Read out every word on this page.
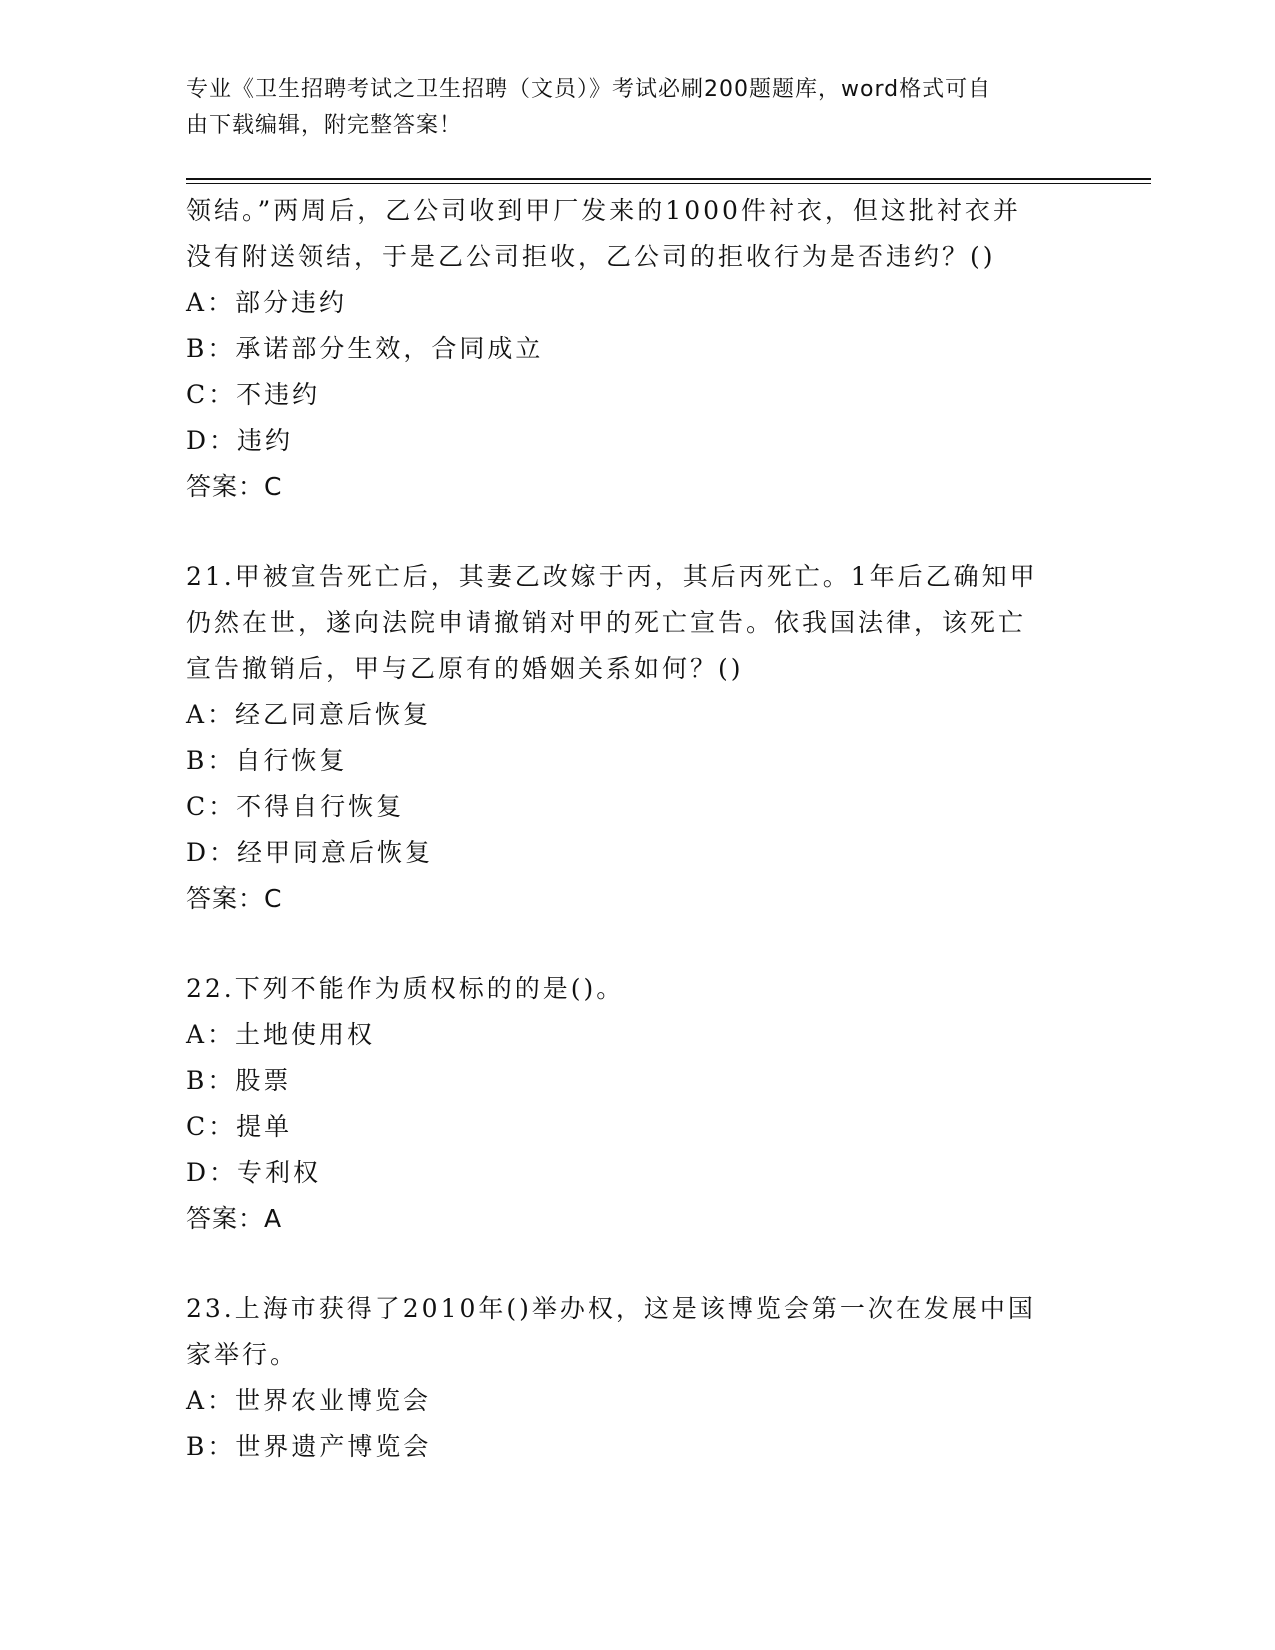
专业《卫生招聘考试之卫生招聘（文员）》考试必刷200题题库，word格式可自
由下载编辑，附完整答案！
领结。”两周后，乙公司收到甲厂发来的1000件衬衣，但这批衬衣并
没有附送领结，于是乙公司拒收，乙公司的拒收行为是否违约？()
A：部分违约
B：承诺部分生效，合同成立
C：不违约
D：违约
答案：C
21.甲被宣告死亡后，其妻乙改嫁于丙，其后丙死亡。1年后乙确知甲
仍然在世，遂向法院申请撤销对甲的死亡宣告。依我国法律，该死亡
宣告撤销后，甲与乙原有的婚姻关系如何？()
A：经乙同意后恢复
B：自行恢复
C：不得自行恢复
D：经甲同意后恢复
答案：C
22.下列不能作为质权标的的是()。
A：土地使用权
B：股票
C：提单
D：专利权
答案：A
23.上海市获得了2010年()举办权，这是该博览会第一次在发展中国
家举行。
A：世界农业博览会
B：世界遗产博览会
